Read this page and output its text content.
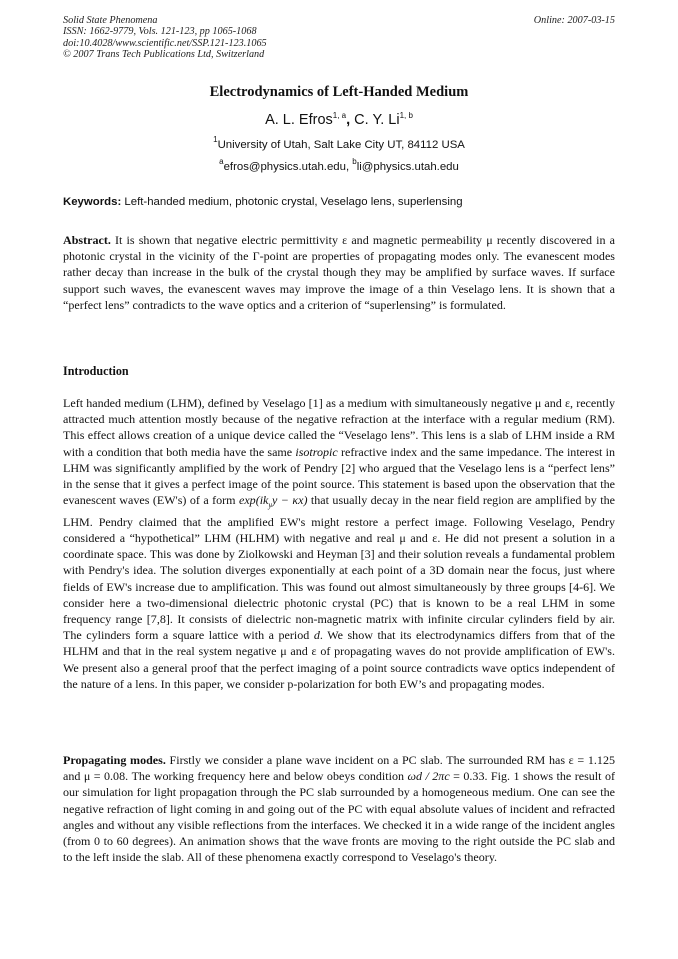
Solid State Phenomena
ISSN: 1662-9779, Vols. 121-123, pp 1065-1068
doi:10.4028/www.scientific.net/SSP.121-123.1065
© 2007 Trans Tech Publications Ltd, Switzerland
Online: 2007-03-15
Electrodynamics of Left-Handed Medium
A. L. Efros$^{1, a}$, C. Y. Li$^{1, b}$
$^1$University of Utah, Salt Lake City UT, 84112 USA
$^a$efros@physics.utah.edu, $^b$li@physics.utah.edu
Keywords: Left-handed medium, photonic crystal, Veselago lens, superlensing
Abstract. It is shown that negative electric permittivity ε and magnetic permeability μ recently discovered in a photonic crystal in the vicinity of the Γ-point are properties of propagating modes only. The evanescent modes rather decay than increase in the bulk of the crystal though they may be amplified by surface waves. If surface support such waves, the evanescent waves may improve the image of a thin Veselago lens. It is shown that a “perfect lens” contradicts to the wave optics and a criterion of “superlensing” is formulated.
Introduction
Left handed medium (LHM), defined by Veselago [1] as a medium with simultaneously negative μ and ε, recently attracted much attention mostly because of the negative refraction at the interface with a regular medium (RM). This effect allows creation of a unique device called the “Veselago lens”. This lens is a slab of LHM inside a RM with a condition that both media have the same isotropic refractive index and the same impedance. The interest in LHM was significantly amplified by the work of Pendry [2] who argued that the Veselago lens is a “perfect lens” in the sense that it gives a perfect image of the point source. This statement is based upon the observation that the evanescent waves (EW's) of a form $\exp(ik_yy - \kappa x)$ that usually decay in the near field region are amplified by the LHM. Pendry claimed that the amplified EW's might restore a perfect image. Following Veselago, Pendry considered a “hypothetical” LHM (HLHM) with negative and real μ and ε. He did not present a solution in a coordinate space. This was done by Ziolkowski and Heyman [3] and their solution reveals a fundamental problem with Pendry's idea. The solution diverges exponentially at each point of a 3D domain near the focus, just where fields of EW's increase due to amplification. This was found out almost simultaneously by three groups [4-6]. We consider here a two-dimensional dielectric photonic crystal (PC) that is known to be a real LHM in some frequency range [7,8]. It consists of dielectric non-magnetic matrix with infinite circular cylinders field by air. The cylinders form a square lattice with a period d. We show that its electrodynamics differs from that of the HLHM and that in the real system negative μ and ε of propagating waves do not provide amplification of EW's. We present also a general proof that the perfect imaging of a point source contradicts wave optics independent of the nature of a lens. In this paper, we consider p-polarization for both EW’s and propagating modes.
Propagating modes. Firstly we consider a plane wave incident on a PC slab. The surrounded RM has ε = 1.125 and μ = 0.08. The working frequency here and below obeys condition ωd / 2πc = 0.33. Fig. 1 shows the result of our simulation for light propagation through the PC slab surrounded by a homogeneous medium. One can see the negative refraction of light coming in and going out of the PC with equal absolute values of incident and refracted angles and without any visible reflections from the interfaces. We checked it in a wide range of the incident angles (from 0 to 60 degrees). An animation shows that the wave fronts are moving to the right outside the PC slab and to the left inside the slab. All of these phenomena exactly correspond to Veselago's theory.
